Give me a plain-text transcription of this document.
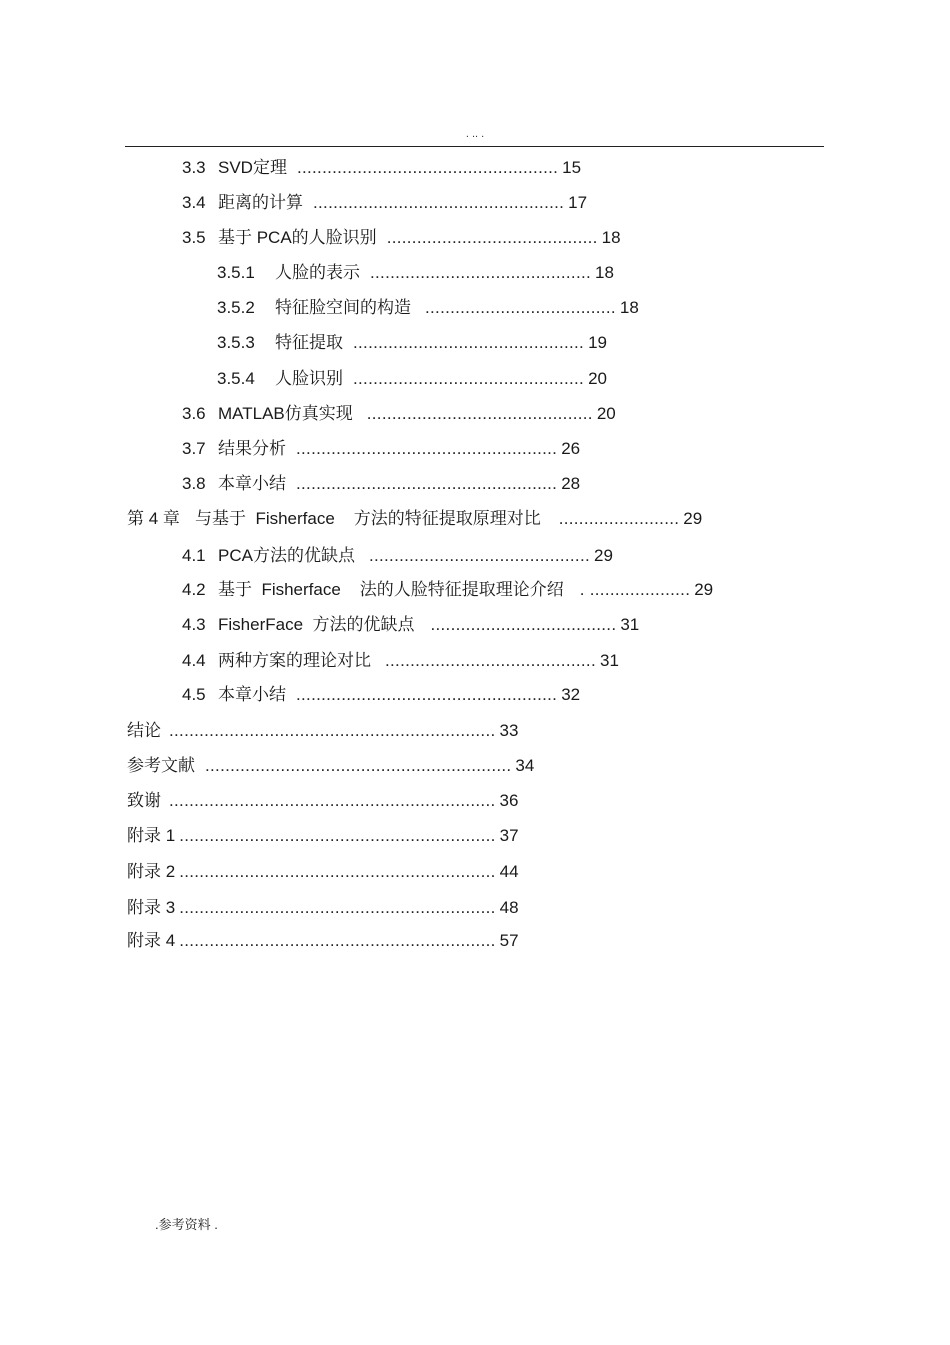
. .. .
3.3 SVD定理 .................................................... 15
3.4 距离的计算 .................................................. 17
3.5 基于 PCA的人脸识别 .......................................... 18
3.5.1	人脸的表示 ............................................ 18
3.5.2	特征脸空间的构造 ...................................... 18
3.5.3	特征提取 .............................................. 19
3.5.4	人脸识别 .............................................. 20
3.6 MATLAB仿真实现 ............................................. 20
3.7 结果分析 .................................................... 26
3.8 本章小结 .................................................... 28
第 4 章 与基于  Fisherface    方法的特征提取原理对比 ........................ 29
4.1 PCA方法的优缺点 ............................................ 29
4.2 基于  Fisherface    法的人脸特征提取理论介绍 . .................... 29
4.3 FisherFace  方法的优缺点 ..................................... 31
4.4 两种方案的理论对比 .......................................... 31
4.5 本章小结 .................................................... 32
结论 ................................................................. 33
参考文献 ............................................................. 34
致谢 ................................................................. 36
附录 1 ............................................................... 37
附录 2 ............................................................... 44
附录 3 ............................................................... 48
附录 4 ............................................................... 57
.参考资料 .
